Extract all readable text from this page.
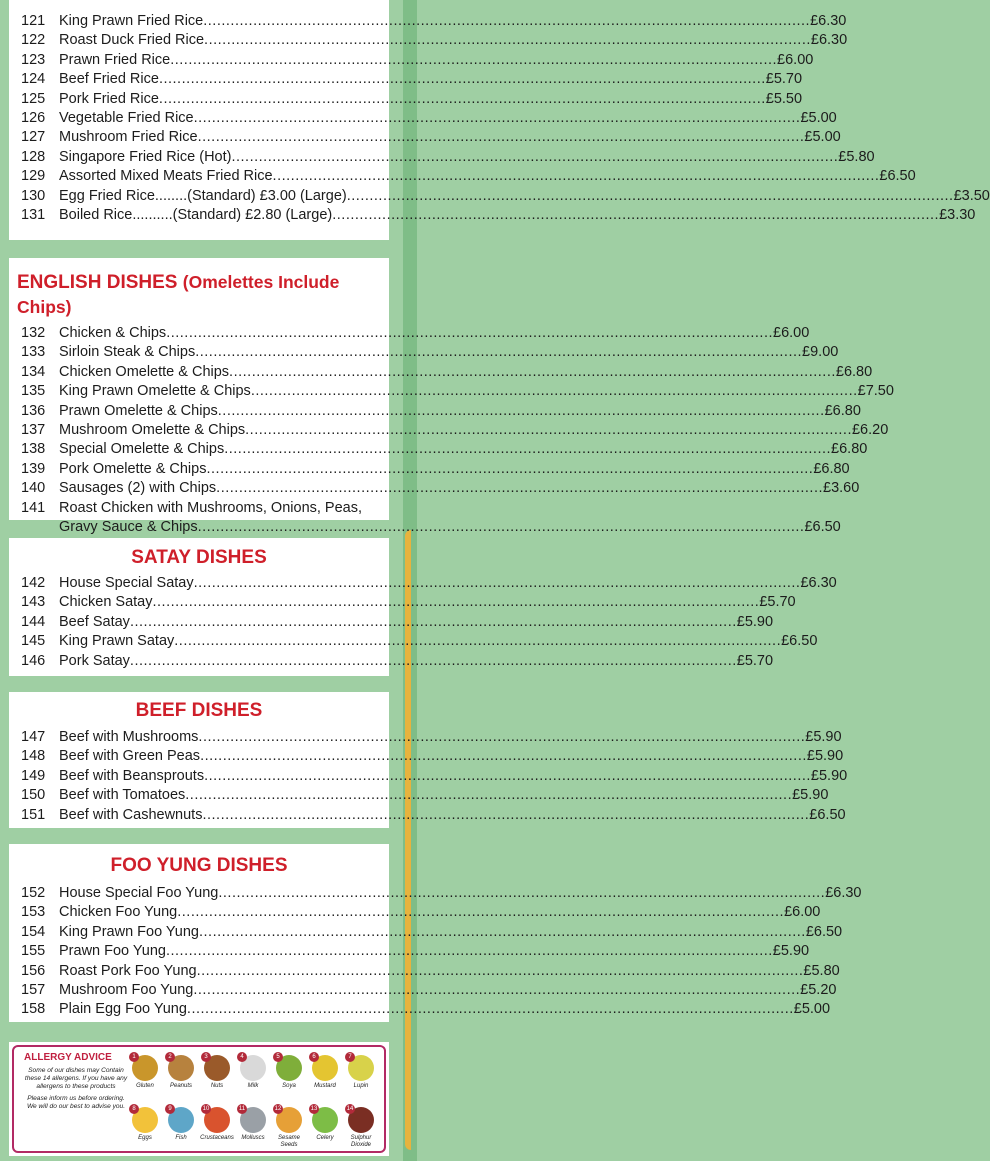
121 King Prawn Fried Rice .....	£6.30
122 Roast Duck Fried Rice .....	£6.30
123 Prawn Fried Rice .....	£6.00
124 Beef Fried Rice .....	£5.70
125 Pork Fried Rice .....	£5.50
126 Vegetable Fried Rice .....	£5.00
127 Mushroom Fried Rice .....	£5.00
128 Singapore Fried Rice (Hot) .....	£5.80
129 Assorted Mixed Meats Fried Rice .....	£6.50
130 Egg Fried Rice........(Standard) £3.00 (Large) .....	£3.50
131 Boiled Rice..........(Standard) £2.80 (Large) .....	£3.30
ENGLISH DISHES (Omelettes Include Chips)
132 Chicken & Chips .....	£6.00
133 Sirloin Steak & Chips .....	£9.00
134 Chicken Omelette & Chips .....	£6.80
135 King Prawn Omelette & Chips .....	£7.50
136 Prawn Omelette & Chips .....	£6.80
137 Mushroom Omelette & Chips .....	£6.20
138 Special Omelette & Chips .....	£6.80
139 Pork Omelette & Chips .....	£6.80
140 Sausages (2) with Chips .....	£3.60
141 Roast Chicken with Mushrooms, Onions, Peas,
Gravy Sauce & Chips .....	£6.50
SATAY DISHES
142 House Special Satay .....	£6.30
143 Chicken Satay .....	£5.70
144 Beef Satay .....	£5.90
145 King Prawn Satay .....	£6.50
146 Pork Satay .....	£5.70
BEEF DISHES
147 Beef with Mushrooms .....	£5.90
148 Beef with Green Peas .....	£5.90
149 Beef with Beansprouts .....	£5.90
150 Beef with Tomatoes .....	£5.90
151 Beef with Cashewnuts .....	£6.50
FOO YUNG DISHES
152 House Special Foo Yung .....	£6.30
153 Chicken Foo Yung .....	£6.00
154 King Prawn Foo Yung .....	£6.50
155 Prawn Foo Yung .....	£5.90
156 Roast Pork Foo Yung .....	£5.80
157 Mushroom Foo Yung .....	£5.20
158 Plain Egg Foo Yung .....	£5.00
ALLERGY ADVICE
Some of our dishes may Contain these 14 allergens. If you have any allergens to these products
Please inform us before ordering. We will do our best to advise you.
1
Gluten
2
Peanuts
3
Nuts
4
Milk
5
Soya
6
Mustard
7
Lupin
8
Eggs
9
Fish
10
Crustaceans
11
Molluscs
12
Sesame Seeds
13
Celery
14
Sulphur Dioxide
